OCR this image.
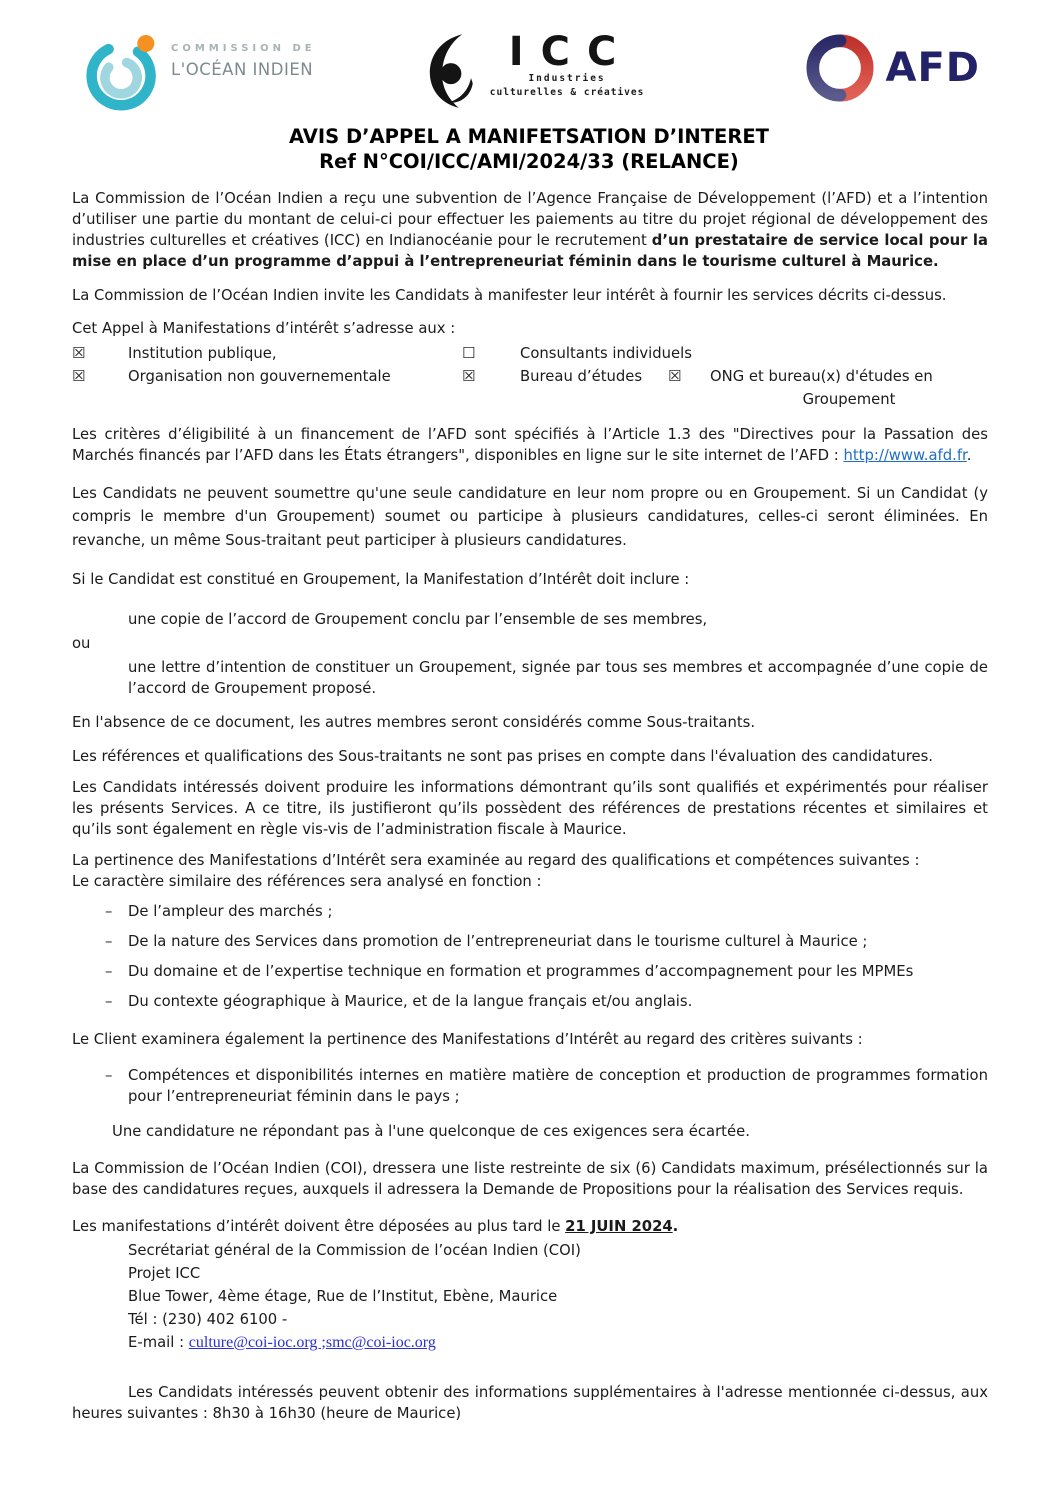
COMMISSION DE
L'OCÉAN INDIEN	ICC
Industries
culturelles & créatives
AFD
AVIS D’APPEL A MANIFETSATION D’INTERET
Ref N°COI/ICC/AMI/2024/33 (RELANCE)

La Commission de l’Océan Indien a reçu une subvention de l’Agence Française de Développement (l’AFD) et a l’intention d’utiliser une partie du montant de celui-ci pour effectuer les paiements au titre du projet régional de développement des industries culturelles et créatives (ICC) en Indianocéanie pour le recrutement d’un prestataire de service local pour la mise en place d’un programme d’appui à l’entrepreneuriat féminin dans le tourisme culturel à Maurice.

La Commission de l’Océan Indien invite les Candidats à manifester leur intérêt à fournir les services décrits ci-dessus.

Cet Appel à Manifestations d’intérêt s’adresse aux :

☒	Institution publique,	☐	Consultants individuels
☒	Organisation non gouvernementale	☒	Bureau d’études	☒	ONG et bureau(x) d'études en
Groupement

Les critères d’éligibilité à un financement de l’AFD sont spécifiés à l’Article 1.3 des "Directives pour la Passation des Marchés financés par l’AFD dans les États étrangers", disponibles en ligne sur le site internet de l’AFD : http://www.afd.fr.

Les Candidats ne peuvent soumettre qu'une seule candidature en leur nom propre ou en Groupement. Si un Candidat (y compris le membre d'un Groupement) soumet ou participe à plusieurs candidatures, celles-ci seront éliminées. En revanche, un même Sous-traitant peut participer à plusieurs candidatures.

Si le Candidat est constitué en Groupement, la Manifestation d’Intérêt doit inclure :

une copie de l’accord de Groupement conclu par l’ensemble de ses membres,
ou
une lettre d’intention de constituer un Groupement, signée par tous ses membres et accompagnée d’une copie de l’accord de Groupement proposé.

En l'absence de ce document, les autres membres seront considérés comme Sous-traitants.

Les références et qualifications des Sous-traitants ne sont pas prises en compte dans l'évaluation des candidatures.

Les Candidats intéressés doivent produire les informations démontrant qu’ils sont qualifiés et expérimentés pour réaliser les présents Services. A ce titre, ils justifieront qu’ils possèdent des références de prestations récentes et similaires et qu’ils sont également en règle vis-vis de l’administration fiscale à Maurice.

La pertinence des Manifestations d’Intérêt sera examinée au regard des qualifications et compétences suivantes :

Le caractère similaire des références sera analysé en fonction :

–	De l’ampleur des marchés ;
–	De la nature des Services dans promotion de l’entrepreneuriat dans le tourisme culturel à Maurice ;
–	Du domaine et de l’expertise technique en formation et programmes d’accompagnement pour les MPMEs
–	Du contexte géographique à Maurice, et de la langue français et/ou anglais.

Le Client examinera également la pertinence des Manifestations d’Intérêt au regard des critères suivants :

–	Compétences et disponibilités internes en matière matière de conception et production de programmes formation pour l’entrepreneuriat féminin dans le pays ;
Une candidature ne répondant pas à l'une quelconque de ces exigences sera écartée.

La Commission de l’Océan Indien (COI), dressera une liste restreinte de six (6) Candidats maximum, présélectionnés sur la base des candidatures reçues, auxquels il adressera la Demande de Propositions pour la réalisation des Services requis.

Les manifestations d’intérêt doivent être déposées au plus tard le 21 JUIN 2024.

Secrétariat général de la Commission de l’océan Indien (COI)
Projet ICC
Blue Tower, 4ème étage, Rue de l’Institut, Ebène, Maurice
Tél : (230) 402 6100 -
E-mail : culture@coi-ioc.org ;smc@coi-ioc.org

Les Candidats intéressés peuvent obtenir des informations supplémentaires à l'adresse mentionnée ci-dessus, aux heures suivantes : 8h30 à 16h30 (heure de Maurice)
